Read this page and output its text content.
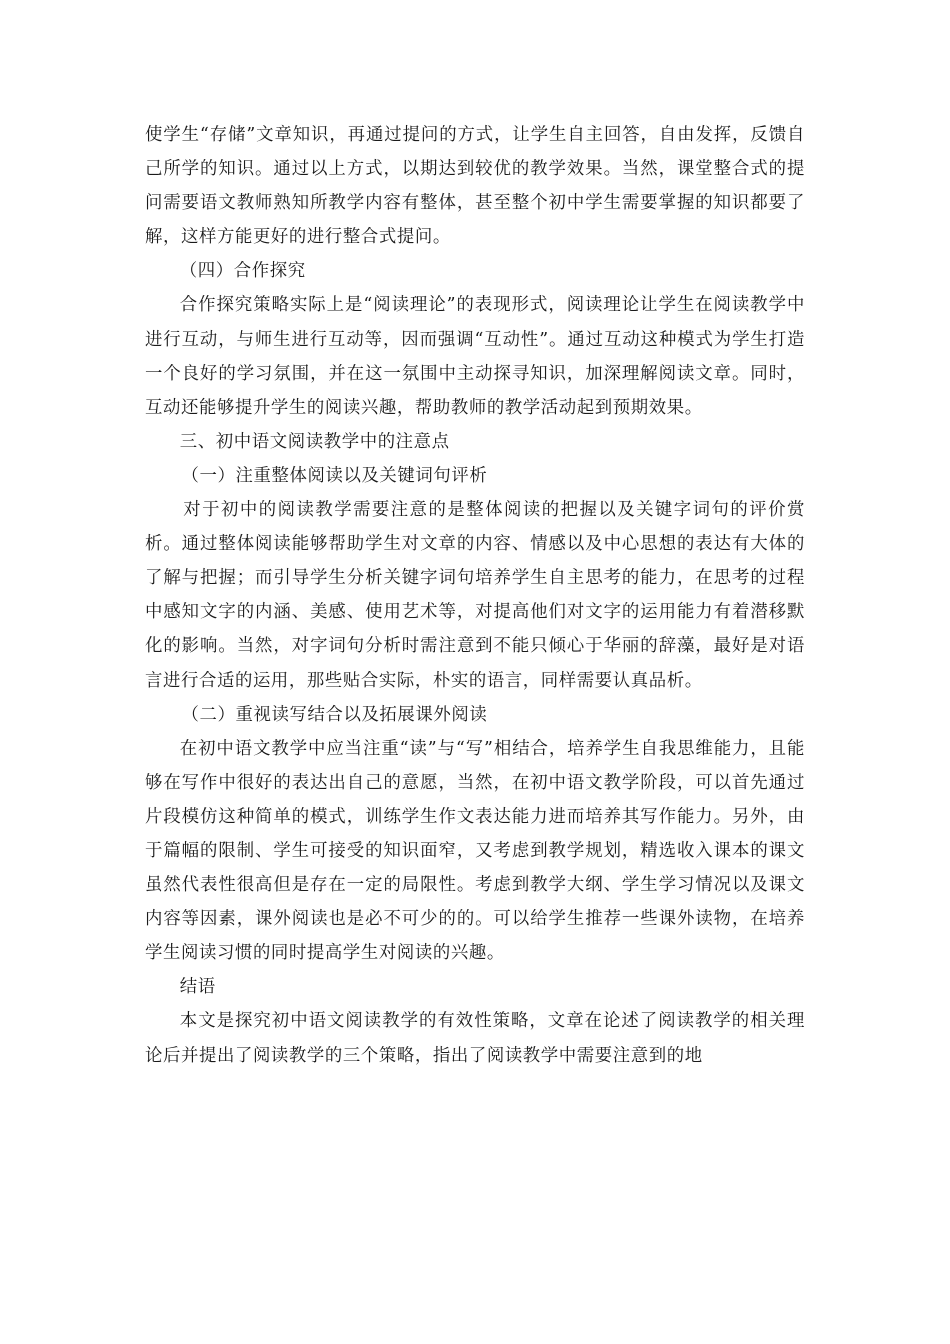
使学生“存储”文章知识，再通过提问的方式，让学生自主回答，自由发挥，反馈自己所学的知识。通过以上方式，以期达到较优的教学效果。当然，课堂整合式的提问需要语文教师熟知所教学内容有整体，甚至整个初中学生需要掌握的知识都要了解，这样方能更好的进行整合式提问。

（四）合作探究

合作探究策略实际上是“阅读理论”的表现形式，阅读理论让学生在阅读教学中进行互动，与师生进行互动等，因而强调“互动性”。通过互动这种模式为学生打造一个良好的学习氛围，并在这一氛围中主动探寻知识，加深理解阅读文章。同时，互动还能够提升学生的阅读兴趣，帮助教师的教学活动起到预期效果。

三、初中语文阅读教学中的注意点

（一）注重整体阅读以及关键词句评析

对于初中的阅读教学需要注意的是整体阅读的把握以及关键字词句的评价赏析。通过整体阅读能够帮助学生对文章的内容、情感以及中心思想的表达有大体的了解与把握；而引导学生分析关键字词句培养学生自主思考的能力，在思考的过程中感知文字的内涵、美感、使用艺术等，对提高他们对文字的运用能力有着潜移默化的影响。当然，对字词句分析时需注意到不能只倾心于华丽的辞藻，最好是对语言进行合适的运用，那些贴合实际，朴实的语言，同样需要认真品析。

（二）重视读写结合以及拓展课外阅读

在初中语文教学中应当注重“读”与“写”相结合，培养学生自我思维能力，且能够在写作中很好的表达出自己的意愿，当然，在初中语文教学阶段，可以首先通过片段模仿这种简单的模式，训练学生作文表达能力进而培养其写作能力。另外，由于篇幅的限制、学生可接受的知识面窄，又考虑到教学规划，精选收入课本的课文虽然代表性很高但是存在一定的局限性。考虑到教学大纲、学生学习情况以及课文内容等因素，课外阅读也是必不可少的的。可以给学生推荐一些课外读物，在培养学生阅读习惯的同时提高学生对阅读的兴趣。

结语

本文是探究初中语文阅读教学的有效性策略，文章在论述了阅读教学的相关理论后并提出了阅读教学的三个策略，指出了阅读教学中需要注意到的地
